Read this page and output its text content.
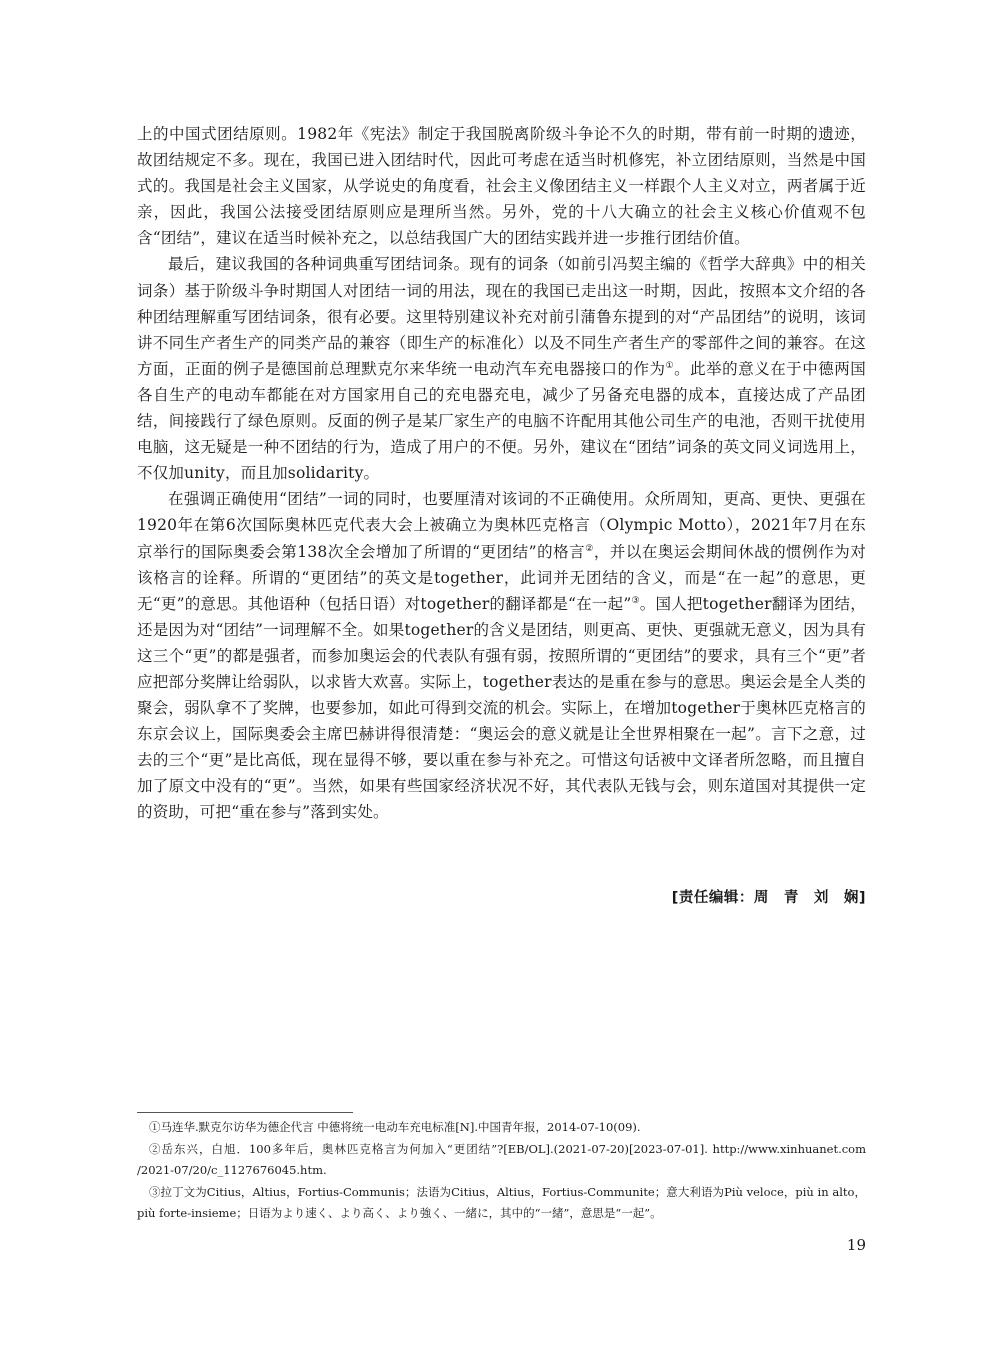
上的中国式团结原则。1982年《宪法》制定于我国脱离阶级斗争论不久的时期，带有前一时期的遗迹，故团结规定不多。现在，我国已进入团结时代，因此可考虑在适当时机修宪，补立团结原则，当然是中国式的。我国是社会主义国家，从学说史的角度看，社会主义像团结主义一样跟个人主义对立，两者属于近亲，因此，我国公法接受团结原则应是理所当然。另外，党的十八大确立的社会主义核心价值观不包含“团结”，建议在适当时候补充之，以总结我国广大的团结实践并进一步推行团结价值。

最后，建议我国的各种词典重写团结词条。现有的词条（如前引冯契主编的《哲学大辞典》中的相关词条）基于阶级斗争时期国人对团结一词的用法，现在的我国已走出这一时期，因此，按照本文介绍的各种团结理解重写团结词条，很有必要。这里特别建议补充对前引蒲鲁东提到的对“产品团结”的说明，该词讲不同生产者生产的同类产品的兼容（即生产的标准化）以及不同生产者生产的零部件之间的兼容。在这方面，正面的例子是德国前总理默克尔来华统一电动汽车充电器接口的作为①。此举的意义在于中德两国各自生产的电动车都能在对方国家用自己的充电器充电，减少了另备充电器的成本，直接达成了产品团结，间接践行了绿色原则。反面的例子是某厂家生产的电脑不许配用其他公司生产的电池，否则干扰使用电脑，这无疑是一种不团结的行为，造成了用户的不便。另外，建议在“团结”词条的英文同义词选用上，不仅加unity，而且加solidarity。

在强调正确使用“团结”一词的同时，也要厘清对该词的不正确使用。众所周知，更高、更快、更强在1920年在第6次国际奥林匹克代表大会上被确立为奥林匹克格言（Olympic Motto），2021年7月在东京举行的国际奥委会第138次全会增加了所谓的“更团结”的格言②，并以在奥运会期间休战的惯例作为对该格言的诠释。所谓的“更团结”的英文是together，此词并无团结的含义，而是“在一起”的意思，更无“更”的意思。其他语种（包括日语）对together的翻译都是“在一起”③。国人把together翻译为团结，还是因为对“团结”一词理解不全。如果together的含义是团结，则更高、更快、更强就无意义，因为具有这三个“更”的都是强者，而参加奥运会的代表队有强有弱，按照所谓的“更团结”的要求，具有三个“更”者应把部分奖牌让给弱队，以求皆大欢喜。实际上，together表达的是重在参与的意思。奥运会是全人类的聚会，弱队拿不了奖牌，也要参加，如此可得到交流的机会。实际上，在增加together于奥林匹克格言的东京会议上，国际奥委会主席巴赫讲得很清楚：“奥运会的意义就是让全世界相聚在一起”。言下之意，过去的三个“更”是比高低，现在显得不够，要以重在参与补充之。可惜这句话被中文译者所忽略，而且擅自加了原文中没有的“更”。当然，如果有些国家经济状况不好，其代表队无钱与会，则东道国对其提供一定的资助，可把“重在参与”落到实处。

[责任编辑：周　青　刘　娴]

①马连华.默克尔访华为德企代言 中德将统一电动车充电标准[N].中国青年报，2014-07-10(09).

②岳东兴，白旭．100多年后，奥林匹克格言为何加入“更团结”?[EB/OL].(2021-07-20)[2023-07-01]. http://www.xinhuanet.com /2021-07/20/c_1127676045.htm.

③拉丁文为Citius，Altius，Fortius-Communis；法语为Citius，Altius，Fortius-Communite；意大利语为Più veloce，più in alto，più forte-insieme；日语为より速く、より高く、より強く、一緒に，其中的“一緒”，意思是“一起”。

19
